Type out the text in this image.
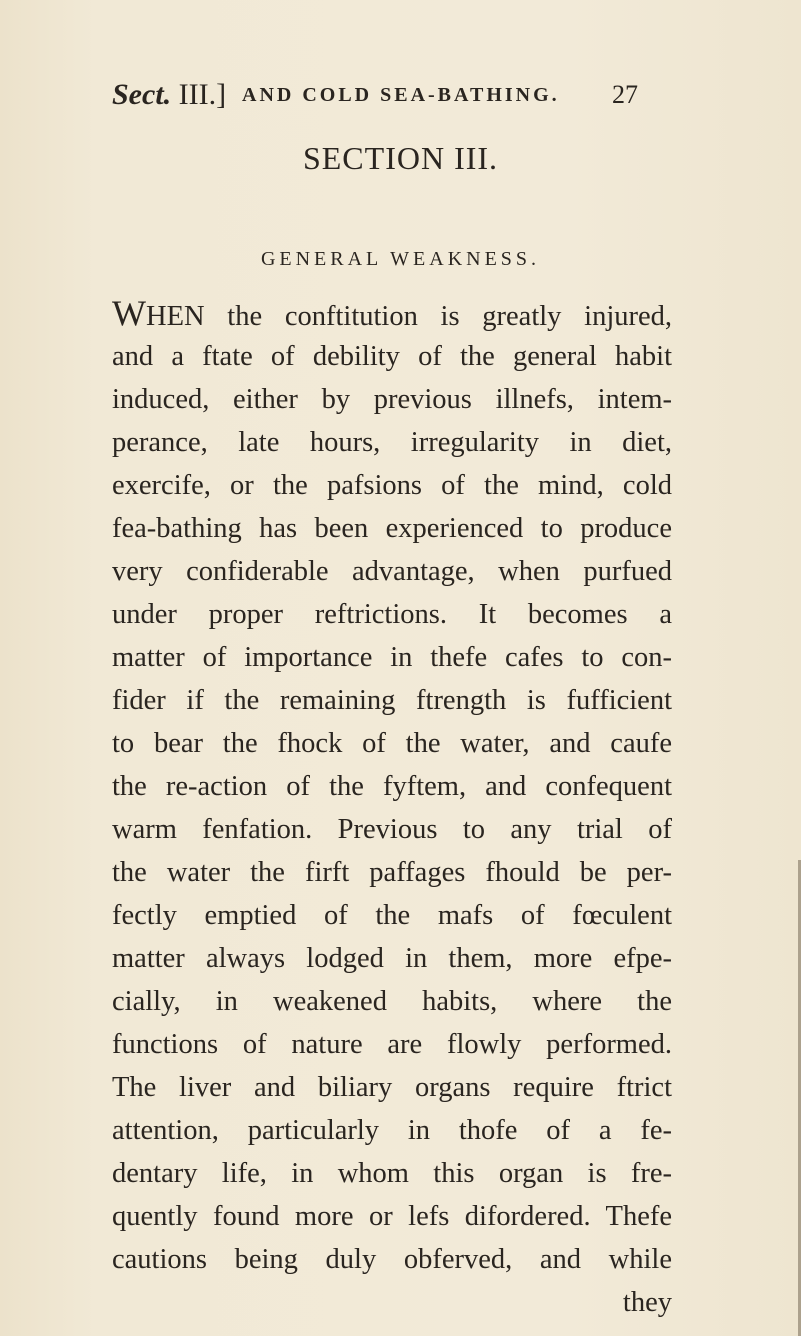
Sect. III.] AND COLD SEA-BATHING. 27
SECTION III.
GENERAL WEAKNESS.
WHEN the conftitution is greatly injured,
and a ftate of debility of the general habit
induced, either by previous illnefs, intem-
perance, late hours, irregularity in diet,
exercife, or the pafsions of the mind, cold
fea-bathing has been experienced to produce
very confiderable advantage, when purfued
under proper reftrictions. It becomes a
matter of importance in thefe cafes to con-
fider if the remaining ftrength is fufficient
to bear the fhock of the water, and caufe
the re-action of the fyftem, and confequent
warm fenfation. Previous to any trial of
the water the firft paffages fhould be per-
fectly emptied of the mafs of fœculent
matter always lodged in them, more efpe-
cially, in weakened habits, where the
functions of nature are flowly performed.
The liver and biliary organs require ftrict
attention, particularly in thofe of a fe-
dentary life, in whom this organ is fre-
quently found more or lefs difordered. Thefe
cautions being duly obferved, and while
they
